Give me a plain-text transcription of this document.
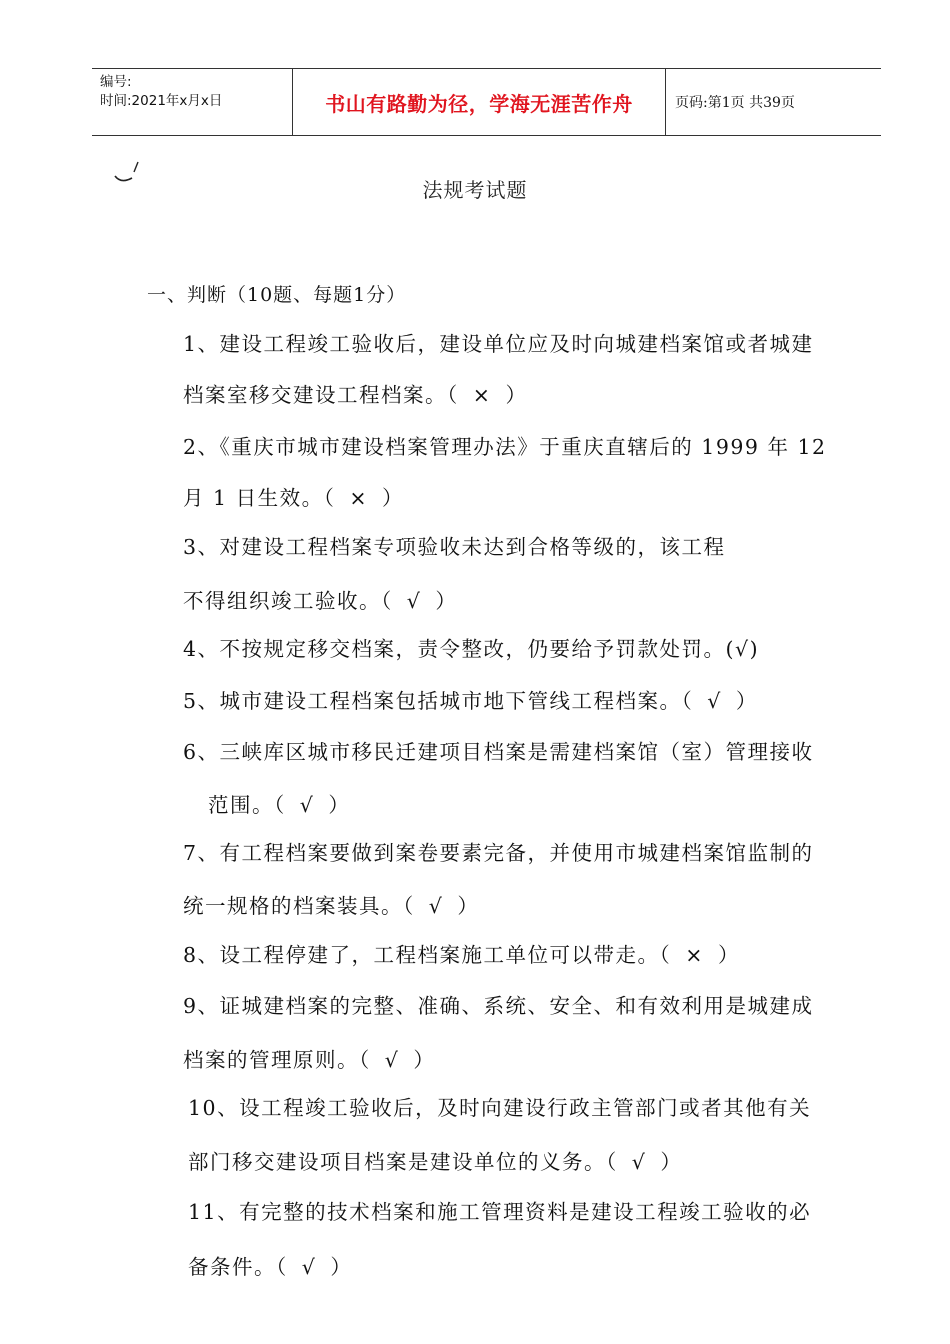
编号:
时间:2021年x月x日	书山有路勤为径，学海无涯苦作舟	页码:第1页 共39页
法规考试题
一、判断（10题、每题1分）
1、建设工程竣工验收后，建设单位应及时向城建档案馆或者城建
档案室移交建设工程档案。（ × ）
2、《重庆市城市建设档案管理办法》于重庆直辖后的 1999 年 12
月 1 日生效。（ × ）
3、对建设工程档案专项验收未达到合格等级的，该工程
不得组织竣工验收。（ √ ）
4、不按规定移交档案，责令整改，仍要给予罚款处罚。(√)
5、城市建设工程档案包括城市地下管线工程档案。（ √ ）
6、三峡库区城市移民迁建项目档案是需建档案馆（室）管理接收
范围。（ √ ）
7、有工程档案要做到案卷要素完备，并使用市城建档案馆监制的
统一规格的档案装具。（ √ ）
8、设工程停建了，工程档案施工单位可以带走。（ × ）
9、证城建档案的完整、准确、系统、安全、和有效利用是城建成
档案的管理原则。（ √ ）
10、设工程竣工验收后，及时向建设行政主管部门或者其他有关
部门移交建设项目档案是建设单位的义务。（ √ ）
11、有完整的技术档案和施工管理资料是建设工程竣工验收的必
备条件。（ √ ）
